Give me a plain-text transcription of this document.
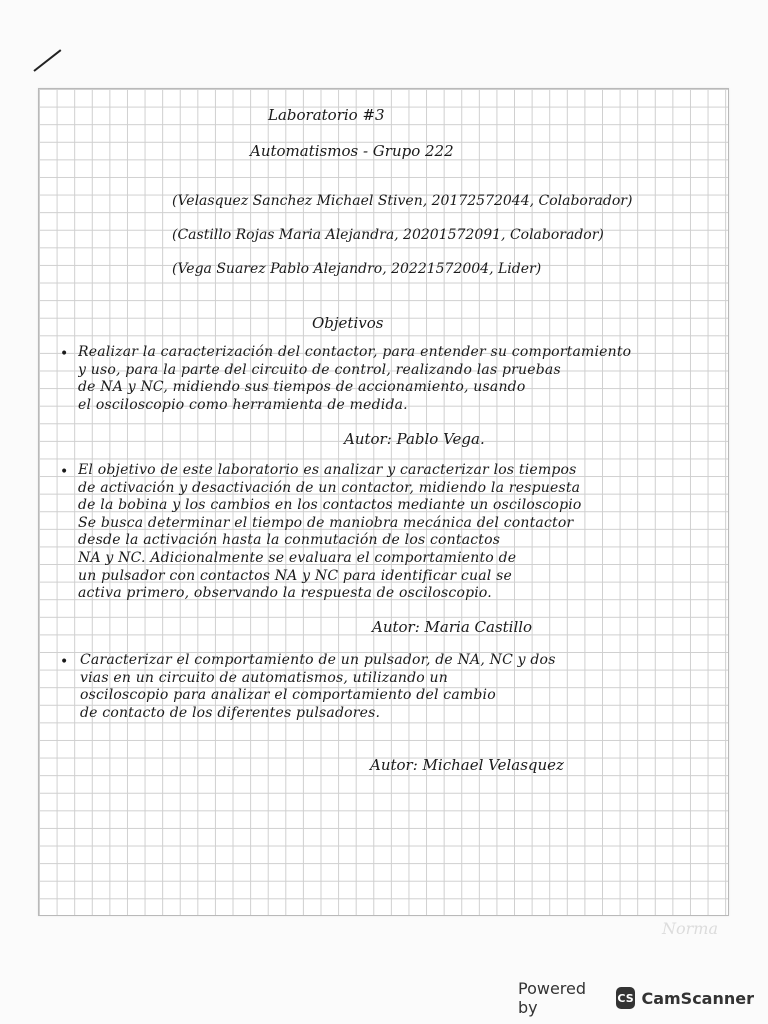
Laboratorio #3
Automatismos - Grupo 222
(Velasquez Sanchez Michael Stiven, 20172572044, Colaborador)
(Castillo Rojas Maria Alejandra, 20201572091, Colaborador)
(Vega Suarez Pablo Alejandro, 20221572004, Lider)
Objetivos
• Realizar la caracterización del contactor, para entender su comportamiento
y uso, para la parte del circuito de control, realizando las pruebas
de NA y NC, midiendo sus tiempos de accionamiento, usando
el osciloscopio como herramienta de medida.
Autor: Pablo Vega.
• El objetivo de este laboratorio es analizar y caracterizar los tiempos
de activación y desactivación de un contactor, midiendo la respuesta
de la bobina y los cambios en los contactos mediante un osciloscopio
Se busca determinar el tiempo de maniobra mecánica del contactor
desde la activación hasta la conmutación de los contactos
NA y NC. Adicionalmente se evaluara el comportamiento de
un pulsador con contactos NA y NC para identificar cual se
activa primero, observando la respuesta de osciloscopio.
Autor: Maria Castillo
• Caracterizar el comportamiento de un pulsador, de NA, NC y dos
vias en un circuito de automatismos, utilizando un
osciloscopio para analizar el comportamiento del cambio
de contacto de los diferentes pulsadores.
Autor: Michael Velasquez
Norma
Powered by	CS CamScanner
